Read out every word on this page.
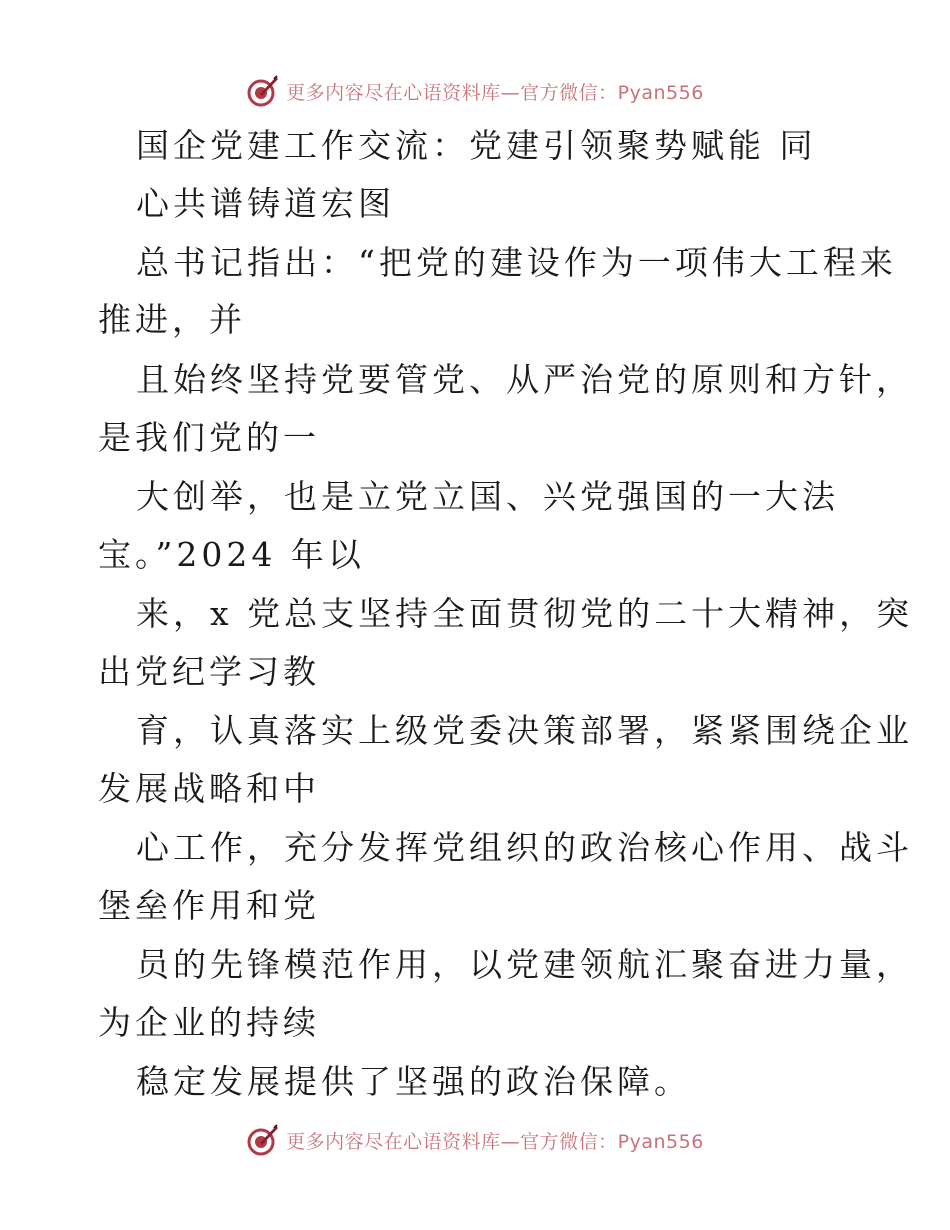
更多内容尽在心语资料库—官方微信：Pyan556
国企党建工作交流：党建引领聚势赋能 同
心共谱铸道宏图
总书记指出：“把党的建设作为一项伟大工程来
推进，并
且始终坚持党要管党、从严治党的原则和方针，
是我们党的一
大创举，也是立党立国、兴党强国的一大法
宝。”2024 年以
来，x 党总支坚持全面贯彻党的二十大精神，突
出党纪学习教
育，认真落实上级党委决策部署，紧紧围绕企业
发展战略和中
心工作，充分发挥党组织的政治核心作用、战斗
堡垒作用和党
员的先锋模范作用，以党建领航汇聚奋进力量，
为企业的持续
稳定发展提供了坚强的政治保障。
更多内容尽在心语资料库—官方微信：Pyan556
